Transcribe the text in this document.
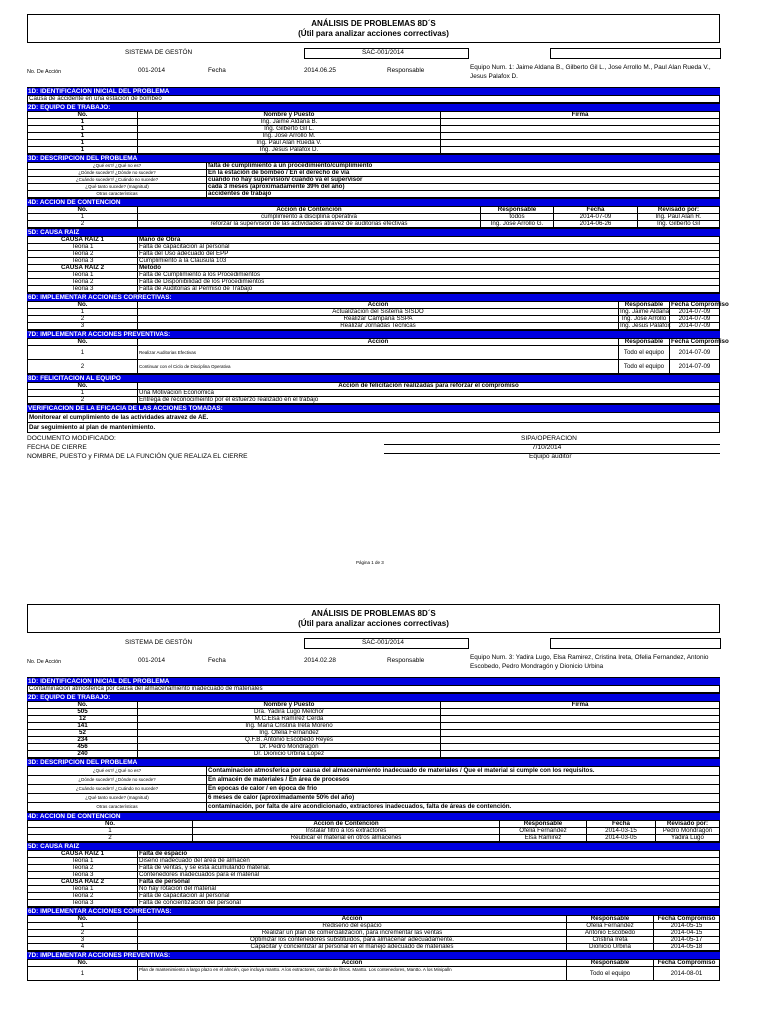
ANÁLISIS DE PROBLEMAS 8D´S
(Útil para analizar acciones correctivas)
SISTEMA DE GESTÓN	SAC-001/2014
No. De Acción	001-2014	Fecha	2014.06.25	Responsable	Equipo Num. 1: Jaime Aldana B., Gilberto Gil L., Jose Arrollo M., Paul Alan Rueda V., Jesus Palafox D.
1D: IDENTIFICACION INICIAL DEL PROBLEMA
Causa de accidente en una estacion de bombeo
2D: EQUIPO DE TRABAJO:
No.	Nombre y Puesto	Firma
1	Ing. Jaime Aldana B.	
1	Ing. Gilberto Gil L.	
1	Ing. Jose Arrollo M.	
1	Ing. Paul Alan Rueda V.	
1	Ing. Jesus Palafox D.	
3D: DESCRIPCION DEL PROBLEMA
¿Qué es?/ ¿Qué no es?	falta de cumplimiento a un procedimiento/cumplimiento
¿Dónde sucede?/ ¿Dónde no sucede?	En la estación de bombeo / En el derecho de via
¿Cuándo sucede?/ ¿Cuándo no sucede?	cuando no hay supervision/ cuando va el supervisor
¿Qué tanto sucede? (magnitud)	cada 3 meses (aproximadamente 39% del año)
Otras características	accidentes de trabajo
4D: ACCION DE CONTENCION
No.	Acción de Contención	Responsable	Fecha	Revisado por:
1	cumplimiento a disciplina operativa	todos	2014-07-09	Ing. Paul Alan R.
2	reforzar la supervisión de las actividades atravez de auditorias efectivas	Ing. Jose Arrollo G.	2014-06-26	Ing. Gilberto Gil
5D: CAUSA RAIZ
CAUSA RAIZ 1	Mano de Obra
Teoria 1	Falta de capacitación al personal
Teoria 2	Falta del Uso adecuado del EPP
Teoria 3	Cumplimiento a la Clausula 103
CAUSA RAIZ 2	Metodo
Teoria 1	Falta de Cumplimiento a los Procedimientos
Teoria 2	Falta de Disponibilidad de los Procedimientos
Teoria 3	Falta de Auditorias al Permiso de Trabajo
6D: IMPLEMENTAR ACCIONES CORRECTIVAS:
No.	Accion	Responsable	Fecha Compromiso
1	Actualizacion del Sistema SISDO	Ing. Jaime Aldana	2014-07-09
2	Realizar Campaña SSPA	Ing. Jose Arrollo	2014-07-09
3	Realizar Jornadas Tecnicas	Ing. Jesus Palafox	2014-07-09
7D: IMPLEMENTAR ACCIONES PREVENTIVAS:
No.	Accion	Responsable	Fecha Compromiso
1	Realizar Auditorias Efectivas	Todo el equipo	2014-07-09
2	Continuar con el Ciclo de Disciplina Operativa	Todo el equipo	2014-07-09
8D: FELICITACION AL EQUIPO
No.	Acción de felicitación realizadas para reforzar el compromiso
1	Una Motivacion Economica
2	Entrega de reconocimeinto por el esfuerzo realizado en el trabajo
VERIFICACION DE LA EFICACIA DE LAS ACCIONES TOMADAS:
Monitorear el cumplimiento de las actividades atravez de AE.
Dar seguimiento al plan de mantenimiento.
DOCUMENTO MODIFICADO:
FECHA DE CIERRE
NOMBRE, PUESTO y FIRMA DE LA FUNCIÓN QUE REALIZA EL CIERRE
SIPA/OPERACION
7/10/2014
Equipo auditor
Página 1 de 3
ANÁLISIS DE PROBLEMAS 8D´S
(Útil para analizar acciones correctivas)
SISTEMA DE GESTÓN	SAC-001/2014
No. De Acción	001-2014	Fecha	2014.02.28	Responsable	Equipo Num. 3: Yadira Lugo, Elsa Ramirez, Cristina Ireta, Ofelia Fernandez, Antonio Escobedo, Pedro Mondragón y Dionicio Urbina
1D: IDENTIFICACION INICIAL DEL PROBLEMA
Contaminacion atmosférica por causa del almacenamiento inadecuado de materiales
2D: EQUIPO DE TRABAJO:
No.	Nombre y Puesto	Firma
505	Dra. Yadira Lugo Melchor	
12	M.C.Elsa Ramírez Cerda	
141	Ing. María Cristina Ireta Moreno	
52	Ing. Ofelia Fernandez	
234	Q.F.B. Antonio Escobedo Reyes	
456	Dr. Pedro Mondragón	
240	Dr. Dionicio Urbina López	
3D: DESCRIPCION DEL PROBLEMA
¿Qué es?/ ¿Qué no es?	Contaminacion atmosferica por causa del almacenamiento inadecuado de materiales / Que el material si cumple con los requisitos.
¿Dónde sucede?/ ¿Dónde no sucede?	En almacén de materiales / En área de procesos
¿Cuándo sucede?/ ¿Cuándo no sucede?	En epocas de calor / en época de frio
¿Qué tanto sucede? (magnitud)	6 meses de calor (aproximadamente 50% del año)
Otras características	contaminación, por falta de aire acondicionado, extractores inadecuados, falta de áreas de contención.
4D: ACCION DE CONTENCION
No.	Accion de Contención	Responsable	Fecha	Revisado por:
1	Instalar filtro a los extractores	Ofelia Fernandez	2014-03-15	Pedro Mondragón
2	Reubicar el material en otros almacenes	Elsa Ramirez	2014-03-05	Yadira Lugo
5D: CAUSA RAIZ
CAUSA RAIZ 1	Falta de espacio
Teoria 1	Diseño inadecuado del área de almacén
Teoria 2	Falta de ventas, y se esta acumulando material.
Teoria 3	Contenedores inadecuados para el material
CAUSA RAIZ 2	Falta de personal
Teoria 1	No hay rotación del material
Teoria 2	Falta de capacitación al personal
Teoria 3	Falta de concientización del personal
6D: IMPLEMENTAR ACCIONES CORRECTIVAS:
No.	Accion	Responsable	Fecha Compromiso
1	Rediseño del espacio	Ofelia Fernandez	2014-05-15
2	Realizar un plan de comercialización, para incrementar las ventas	Antonio Escobedo	2014-04-15
3	Optimizar los contenedores substituidos, para almacenar adecuadamente.	Cristina Ireta	2014-05-17
4	Capacitar y concientizar al personal en el manejo adecuado de materiales	Dionicio Urbina	2014-05-18
7D: IMPLEMENTAR ACCIONES PREVENTIVAS:
No.	Accion	Responsable	Fecha Compromiso
1	Plan de mantenimiento a largo plazo en el almcén, que incluya mantto. A los extractores, cambio de filtros. Mantto. Los contenedores, Mantto. A los Minipalln	Todo el equipo	2014-08-01
